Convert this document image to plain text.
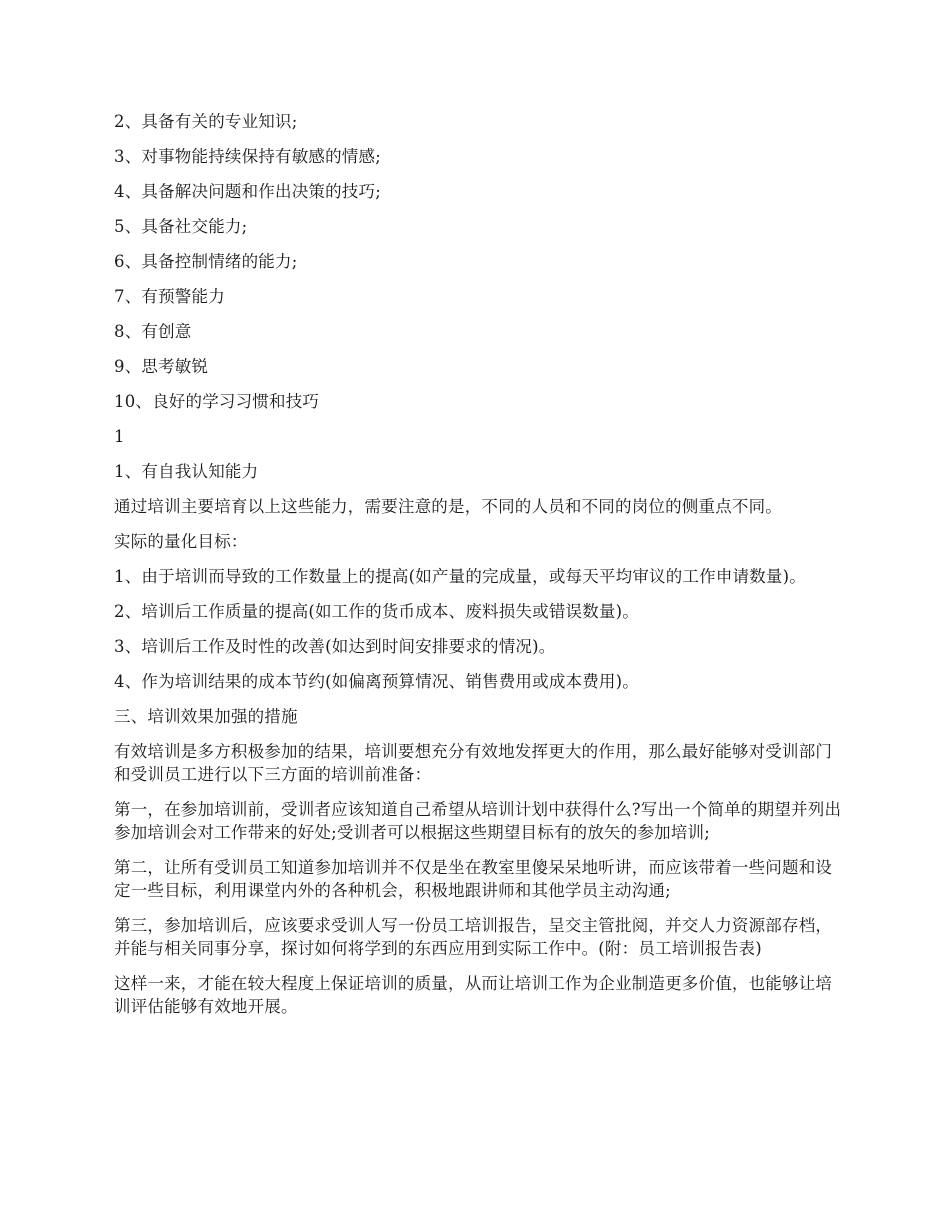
2、具备有关的专业知识;

3、对事物能持续保持有敏感的情感;

4、具备解决问题和作出决策的技巧;

5、具备社交能力;

6、具备控制情绪的能力;

7、有预警能力

8、有创意

9、思考敏锐

10、良好的学习习惯和技巧

1

1、有自我认知能力

通过培训主要培育以上这些能力，需要注意的是，不同的人员和不同的岗位的侧重点不同。

实际的量化目标：

1、由于培训而导致的工作数量上的提高(如产量的完成量，或每天平均审议的工作申请数量)。

2、培训后工作质量的提高(如工作的货币成本、废料损失或错误数量)。

3、培训后工作及时性的改善(如达到时间安排要求的情况)。

4、作为培训结果的成本节约(如偏离预算情况、销售费用或成本费用)。

三、培训效果加强的措施

有效培训是多方积极参加的结果，培训要想充分有效地发挥更大的作用，那么最好能够对受训部门和受训员工进行以下三方面的培训前准备：

第一，在参加培训前，受训者应该知道自己希望从培训计划中获得什么?写出一个简单的期望并列出参加培训会对工作带来的好处;受训者可以根据这些期望目标有的放矢的参加培训;

第二，让所有受训员工知道参加培训并不仅是坐在教室里傻呆呆地听讲，而应该带着一些问题和设定一些目标，利用课堂内外的各种机会，积极地跟讲师和其他学员主动沟通;

第三，参加培训后，应该要求受训人写一份员工培训报告，呈交主管批阅，并交人力资源部存档，并能与相关同事分享，探讨如何将学到的东西应用到实际工作中。(附：员工培训报告表)

这样一来，才能在较大程度上保证培训的质量，从而让培训工作为企业制造更多价值，也能够让培训评估能够有效地开展。
